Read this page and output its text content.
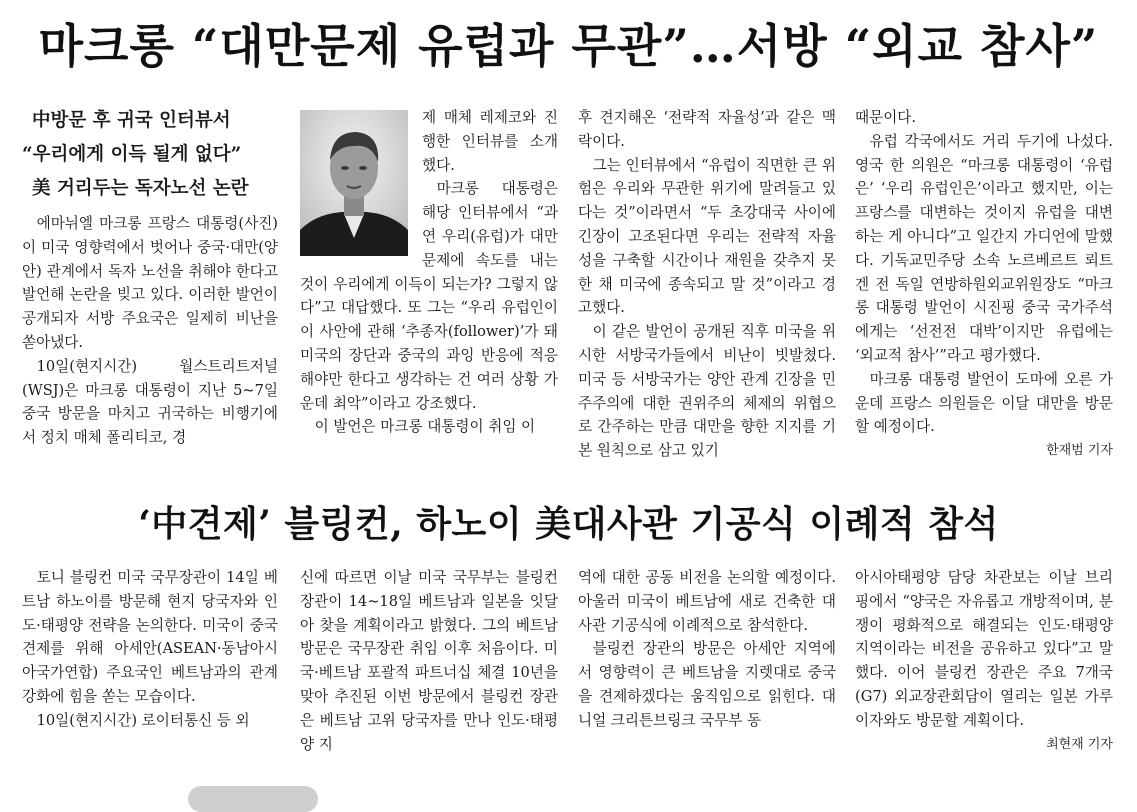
마크롱 “대만문제 유럽과 무관”…서방 “외교 참사”
中방문 후 귀국 인터뷰서
“우리에게 이득 될게 없다”
美 거리두는 독자노선 논란

에마뉘엘 마크롱 프랑스 대통령(사진)이 미국 영향력에서 벗어나 중국·대만(양안) 관계에서 독자 노선을 취해야 한다고 발언해 논란을 빚고 있다. 이러한 발언이 공개되자 서방 주요국은 일제히 비난을 쏟아냈다.

10일(현지시간) 월스트리트저널(WSJ)은 마크롱 대통령이 지난 5~7일 중국 방문을 마치고 귀국하는 비행기에서 정치 매체 폴리티코, 경

제 매체 레제코와 진행한 인터뷰를 소개했다.

마크롱 대통령은 해당 인터뷰에서 “과연 우리(유럽)가 대만 문제에 속도를 내는 것이 우리에게 이득이 되는가? 그렇지 않다”고 대답했다. 또 그는 “우리 유럽인이 이 사안에 관해 ‘추종자(follower)’가 돼 미국의 장단과 중국의 과잉 반응에 적응해야만 한다고 생각하는 건 여러 상황 가운데 최악”이라고 강조했다.

이 발언은 마크롱 대통령이 취임 이

후 견지해온 ‘전략적 자율성’과 같은 맥락이다.

그는 인터뷰에서 “유럽이 직면한 큰 위험은 우리와 무관한 위기에 말려들고 있다는 것”이라면서 “두 초강대국 사이에 긴장이 고조된다면 우리는 전략적 자율성을 구축할 시간이나 재원을 갖추지 못한 채 미국에 종속되고 말 것”이라고 경고했다.

이 같은 발언이 공개된 직후 미국을 위시한 서방국가들에서 비난이 빗발쳤다. 미국 등 서방국가는 양안 관계 긴장을 민주주의에 대한 권위주의 체제의 위협으로 간주하는 만큼 대만을 향한 지지를 기본 원칙으로 삼고 있기

때문이다.

유럽 각국에서도 거리 두기에 나섰다. 영국 한 의원은 “마크롱 대통령이 ‘유럽은’ ‘우리 유럽인은’이라고 했지만, 이는 프랑스를 대변하는 것이지 유럽을 대변하는 게 아니다”고 일간지 가디언에 말했다. 기독교민주당 소속 노르베르트 뢰트겐 전 독일 연방하원외교위원장도 “마크롱 대통령 발언이 시진핑 중국 국가주석에게는 ‘선전전 대박’이지만 유럽에는 ‘외교적 참사’”라고 평가했다.

마크롱 대통령 발언이 도마에 오른 가운데 프랑스 의원들은 이달 대만을 방문할 예정이다.

한재범 기자
‘中견제’ 블링컨, 하노이 美대사관 기공식 이례적 참석

토니 블링컨 미국 국무장관이 14일 베트남 하노이를 방문해 현지 당국자와 인도·태평양 전략을 논의한다. 미국이 중국 견제를 위해 아세안(ASEAN·동남아시아국가연합) 주요국인 베트남과의 관계 강화에 힘을 쏟는 모습이다.

10일(현지시간) 로이터통신 등 외

신에 따르면 이날 미국 국무부는 블링컨 장관이 14~18일 베트남과 일본을 잇달아 찾을 계획이라고 밝혔다. 그의 베트남 방문은 국무장관 취임 이후 처음이다. 미국·베트남 포괄적 파트너십 체결 10년을 맞아 추진된 이번 방문에서 블링컨 장관은 베트남 고위 당국자를 만나 인도·태평양 지

역에 대한 공동 비전을 논의할 예정이다. 아울러 미국이 베트남에 새로 건축한 대사관 기공식에 이례적으로 참석한다.

블링컨 장관의 방문은 아세안 지역에서 영향력이 큰 베트남을 지렛대로 중국을 견제하겠다는 움직임으로 읽힌다. 대니얼 크리튼브링크 국무부 동

아시아태평양 담당 차관보는 이날 브리핑에서 “양국은 자유롭고 개방적이며, 분쟁이 평화적으로 해결되는 인도·태평양 지역이라는 비전을 공유하고 있다”고 말했다. 이어 블링컨 장관은 주요 7개국(G7) 외교장관회담이 열리는 일본 가루이자와도 방문할 계획이다.

최현재 기자
